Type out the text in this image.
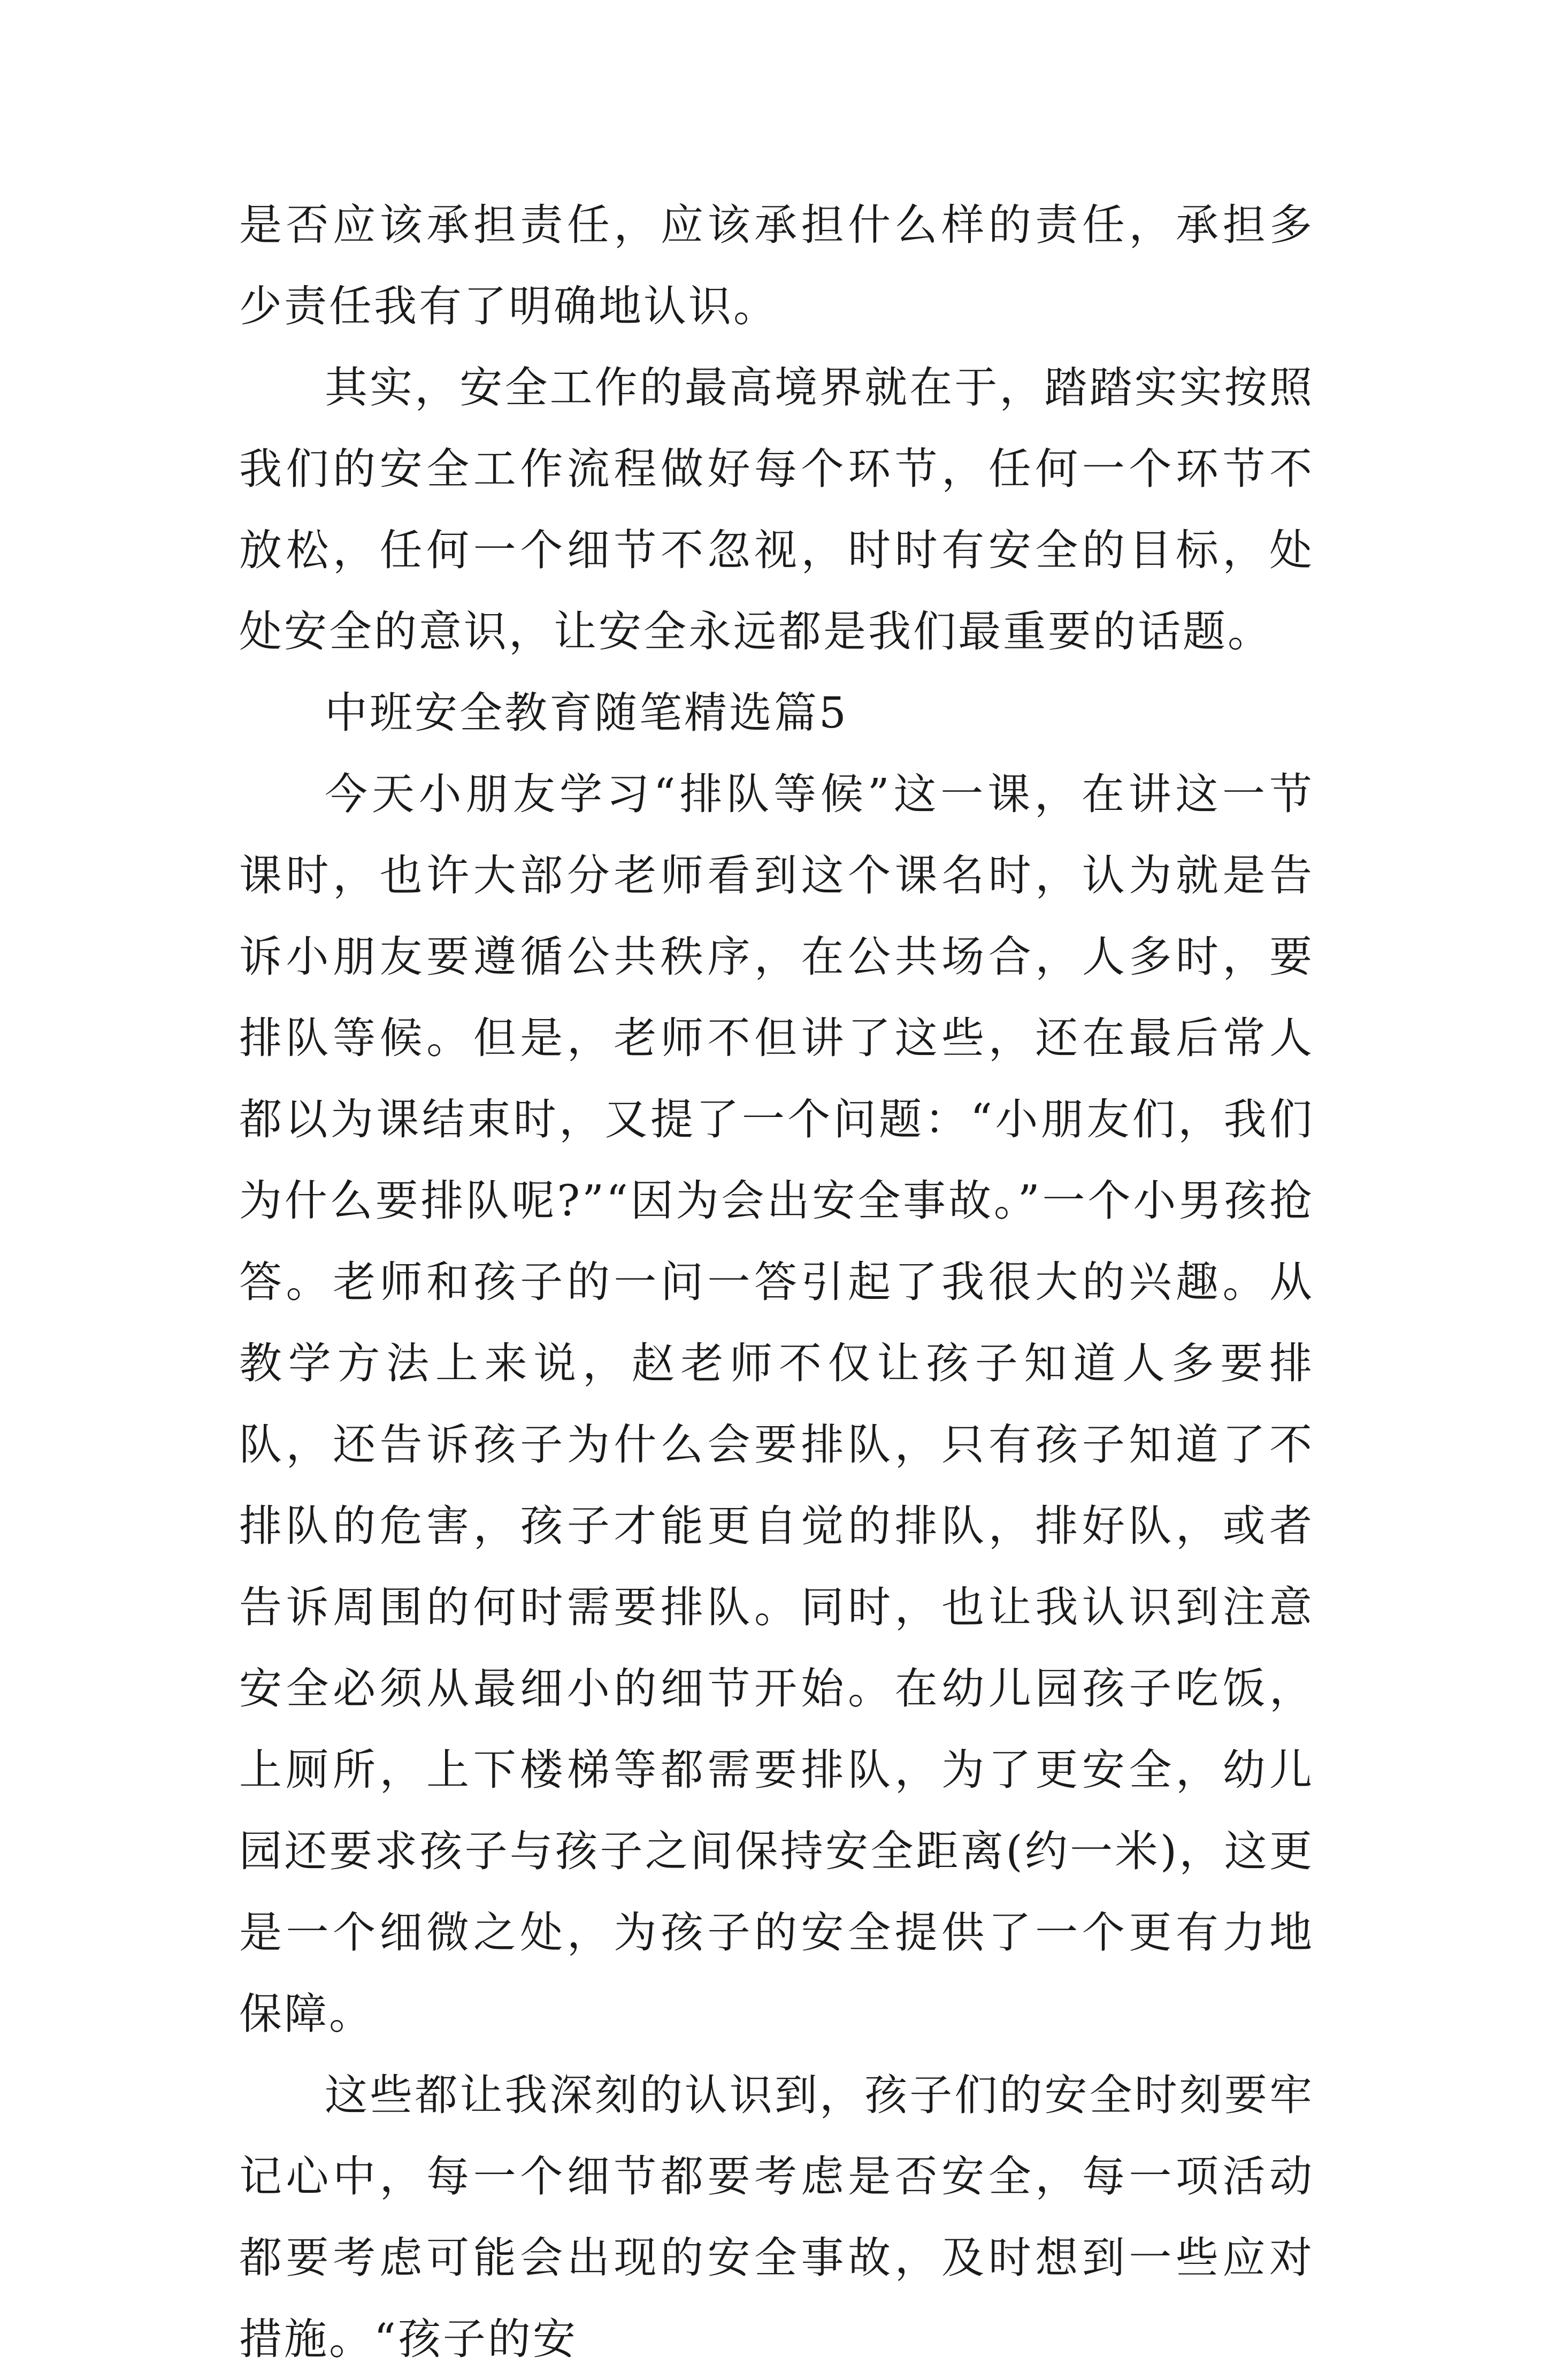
是否应该承担责任，应该承担什么样的责任，承担多少责任我有了明确地认识。

其实，安全工作的最高境界就在于，踏踏实实按照我们的安全工作流程做好每个环节，任何一个环节不放松，任何一个细节不忽视，时时有安全的目标，处处安全的意识，让安全永远都是我们最重要的话题。

中班安全教育随笔精选篇5

今天小朋友学习“排队等候”这一课，在讲这一节课时，也许大部分老师看到这个课名时，认为就是告诉小朋友要遵循公共秩序，在公共场合，人多时，要排队等候。但是，老师不但讲了这些，还在最后常人都以为课结束时，又提了一个问题：“小朋友们，我们为什么要排队呢?”“因为会出安全事故。”一个小男孩抢答。老师和孩子的一问一答引起了我很大的兴趣。从教学方法上来说，赵老师不仅让孩子知道人多要排队，还告诉孩子为什么会要排队，只有孩子知道了不排队的危害，孩子才能更自觉的排队，排好队，或者告诉周围的何时需要排队。同时，也让我认识到注意安全必须从最细小的细节开始。在幼儿园孩子吃饭，上厕所，上下楼梯等都需要排队，为了更安全，幼儿园还要求孩子与孩子之间保持安全距离(约一米)，这更是一个细微之处，为孩子的安全提供了一个更有力地保障。

这些都让我深刻的认识到，孩子们的安全时刻要牢记心中，每一个细节都要考虑是否安全，每一项活动都要考虑可能会出现的安全事故，及时想到一些应对措施。“孩子的安
